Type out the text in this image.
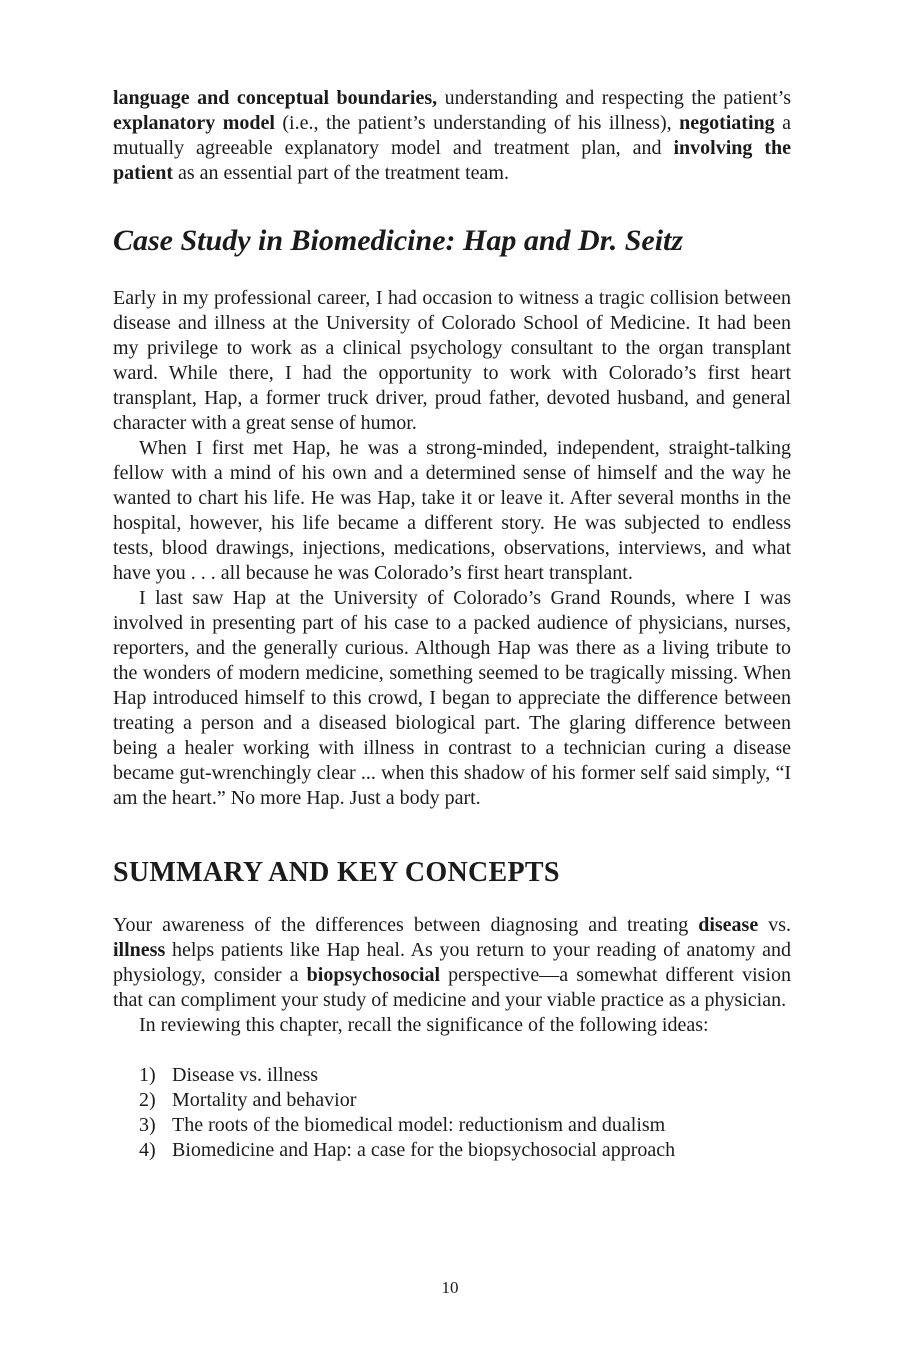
language and conceptual boundaries, understanding and respecting the patient’s explanatory model (i.e., the patient’s understanding of his illness), negotiating a mutually agreeable explanatory model and treatment plan, and involving the patient as an essential part of the treatment team.

Case Study in Biomedicine: Hap and Dr. Seitz

Early in my professional career, I had occasion to witness a tragic collision between disease and illness at the University of Colorado School of Medicine. It had been my privilege to work as a clinical psychology consultant to the organ transplant ward. While there, I had the opportunity to work with Colorado’s first heart transplant, Hap, a former truck driver, proud father, devoted husband, and general character with a great sense of humor.

When I first met Hap, he was a strong-minded, independent, straight-talking fellow with a mind of his own and a determined sense of himself and the way he wanted to chart his life. He was Hap, take it or leave it. After several months in the hospital, however, his life became a different story. He was subjected to endless tests, blood drawings, injections, medications, observations, interviews, and what have you . . . all because he was Colorado’s first heart transplant.

I last saw Hap at the University of Colorado’s Grand Rounds, where I was involved in presenting part of his case to a packed audience of physicians, nurses, reporters, and the generally curious. Although Hap was there as a living tribute to the wonders of modern medicine, something seemed to be tragically missing. When Hap introduced himself to this crowd, I began to appreciate the difference between treating a person and a diseased biological part. The glaring difference between being a healer working with illness in contrast to a technician curing a disease became gut-wrenchingly clear ... when this shadow of his former self said simply, “I am the heart.” No more Hap. Just a body part.

SUMMARY AND KEY CONCEPTS

Your awareness of the differences between diagnosing and treating disease vs. illness helps patients like Hap heal. As you return to your reading of anatomy and physiology, consider a biopsychosocial perspective—a somewhat different vision that can compliment your study of medicine and your viable practice as a physician.

In reviewing this chapter, recall the significance of the following ideas:

1) Disease vs. illness
2) Mortality and behavior
3) The roots of the biomedical model: reductionism and dualism
4) Biomedicine and Hap: a case for the biopsychosocial approach
10
